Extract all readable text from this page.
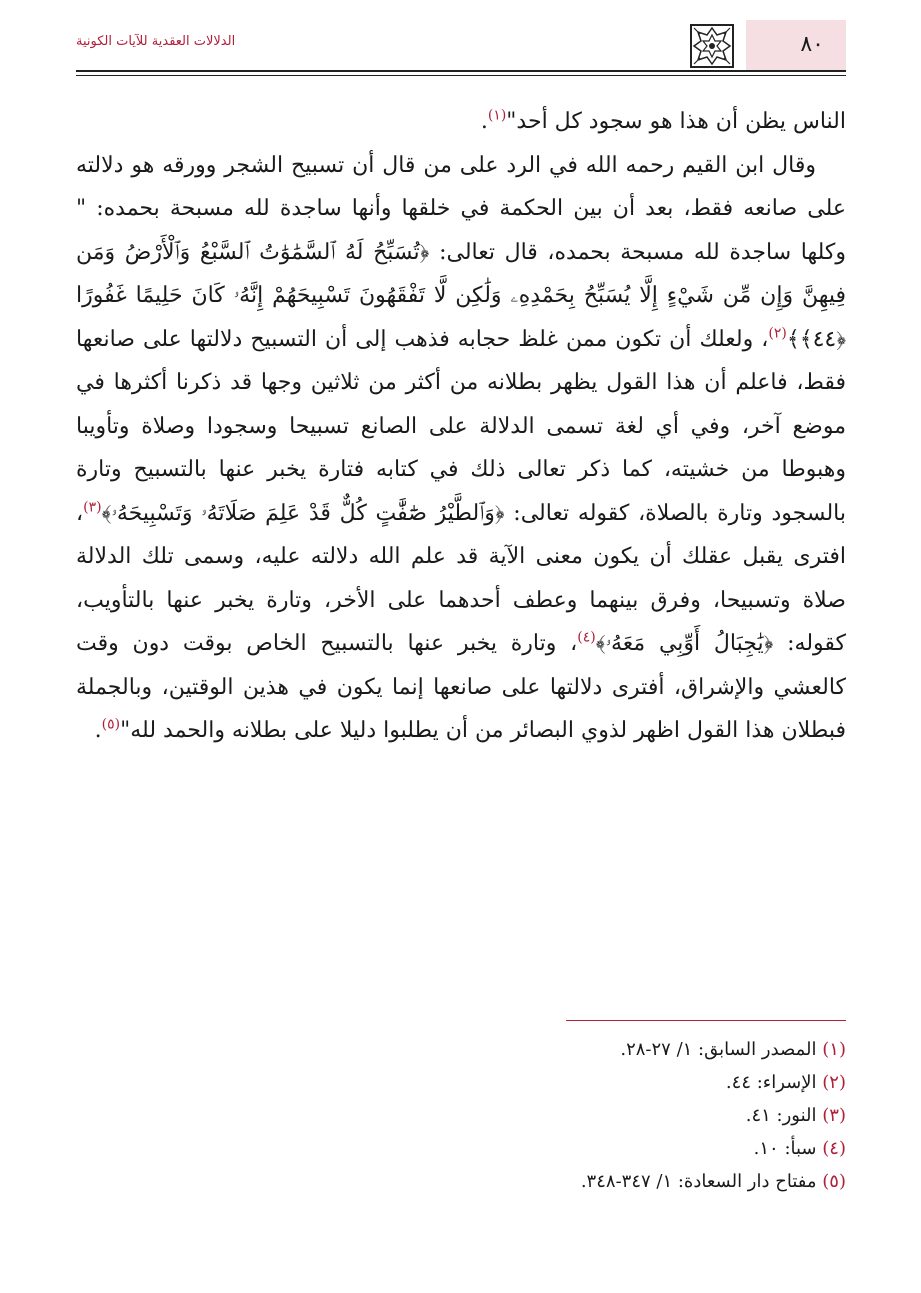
الدلالات العقدية للآيات الكونية	٨٠

الناس يظن أن هذا هو سجود كل أحد"$^{(١)}$.

وقال ابن القيم رحمه الله في الرد على من قال أن تسبيح الشجر وورقه هو دلالته على صانعه فقط، بعد أن بين الحكمة في خلقها وأنها ساجدة لله مسبحة بحمده: " وكلها ساجدة لله مسبحة بحمده، قال تعالى: ﴿تُسَبِّحُ لَهُ ٱلسَّمَٰوَٰتُ ٱلسَّبْعُ وَٱلْأَرْضُ وَمَن فِيهِنَّ وَإِن مِّن شَيْءٍ إِلَّا يُسَبِّحُ بِحَمْدِهِۦ وَلَٰكِن لَّا تَفْقَهُونَ تَسْبِيحَهُمْ إِنَّهُۥ كَانَ حَلِيمًا غَفُورًا ﴿٤٤﴾﴾$^{(٢)}$، ولعلك أن تكون ممن غلظ حجابه فذهب إلى أن التسبيح دلالتها على صانعها فقط، فاعلم أن هذا القول يظهر بطلانه من أكثر من ثلاثين وجها قد ذكرنا أكثرها في موضع آخر، وفي أي لغة تسمى الدلالة على الصانع تسبيحا وسجودا وصلاة وتأويبا وهبوطا من خشيته، كما ذكر تعالى ذلك في كتابه فتارة يخبر عنها بالتسبيح وتارة بالسجود وتارة بالصلاة، كقوله تعالى: ﴿وَٱلطَّيْرُ صَٰٓفَّٰتٍ كُلٌّ قَدْ عَلِمَ صَلَاتَهُۥ وَتَسْبِيحَهُۥ﴾$^{(٣)}$، افترى يقبل عقلك أن يكون معنى الآية قد علم الله دلالته عليه، وسمى تلك الدلالة صلاة وتسبيحا، وفرق بينهما وعطف أحدهما على الأخر، وتارة يخبر عنها بالتأويب، كقوله: ﴿يَٰجِبَالُ أَوِّبِي مَعَهُۥ﴾$^{(٤)}$، وتارة يخبر عنها بالتسبيح الخاص بوقت دون وقت كالعشي والإشراق، أفترى دلالتها على صانعها إنما يكون في هذين الوقتين، وبالجملة فبطلان هذا القول اظهر لذوي البصائر من أن يطلبوا دليلا على بطلانه والحمد لله"$^{(٥)}$.

(١) المصدر السابق: ١/ ٢٧-٢٨.
(٢) الإسراء: ٤٤.
(٣) النور: ٤١.
(٤) سبأ: ١٠.
(٥) مفتاح دار السعادة: ١/ ٣٤٧-٣٤٨.
